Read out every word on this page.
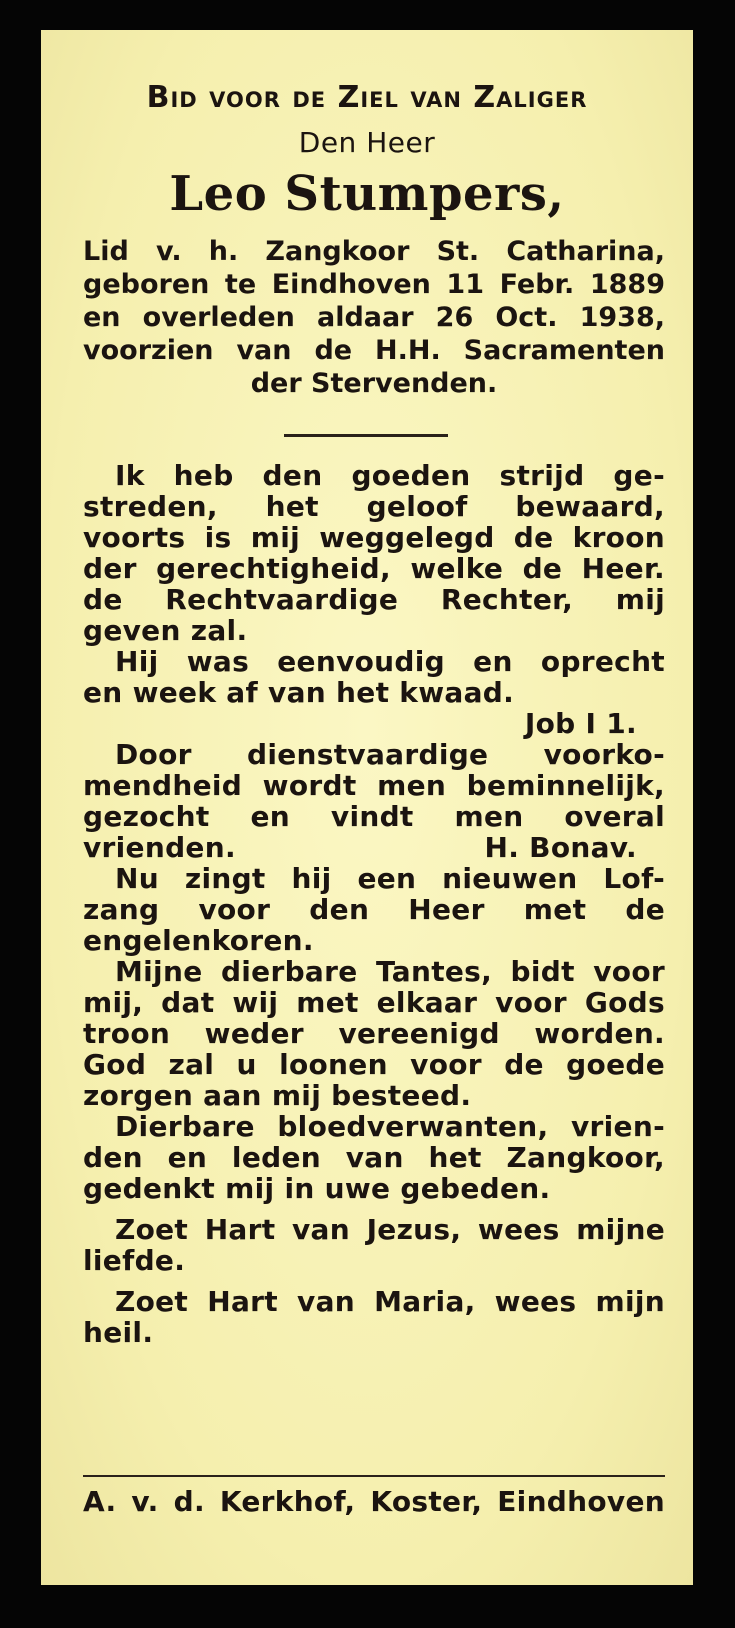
Bid voor de Ziel van Zaliger
Den Heer
Leo Stumpers,
Lid v. h. Zangkoor St. Catharina,
geboren te Eindhoven 11 Febr. 1889
en overleden aldaar 26 Oct. 1938,
voorzien van de H.H. Sacramenten
der Stervenden.
Ik heb den goeden strijd ge-
streden, het geloof bewaard,
voorts is mij weggelegd de kroon
der gerechtigheid, welke de Heer.
de Rechtvaardige Rechter, mij
geven zal.
Hij was eenvoudig en oprecht
en week af van het kwaad.
Job I 1.
Door dienstvaardige voorko-
mendheid wordt men beminnelijk,
gezocht en vindt men overal
vrienden.	H. Bonav.
Nu zingt hij een nieuwen Lof-
zang voor den Heer met de
engelenkoren.
Mijne dierbare Tantes, bidt voor
mij, dat wij met elkaar voor Gods
troon weder vereenigd worden.
God zal u loonen voor de goede
zorgen aan mij besteed.
Dierbare bloedverwanten, vrien-
den en leden van het Zangkoor,
gedenkt mij in uwe gebeden.
Zoet Hart van Jezus, wees mijne
liefde.
Zoet Hart van Maria, wees mijn
heil.
A. v. d. Kerkhof, Koster, Eindhoven
